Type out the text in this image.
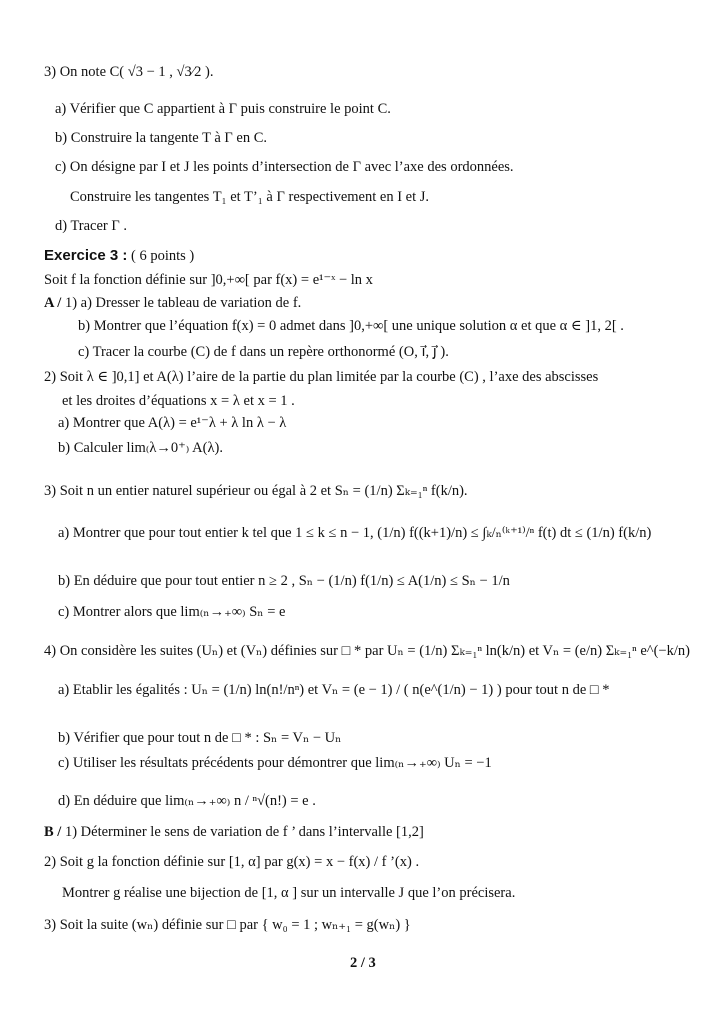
3) On note C( √3 − 1 , √3⁄2 ).
a) Vérifier que C appartient à Γ puis construire le point C.
b) Construire la tangente T à Γ en C.
c) On désigne par I et J les points d’intersection de Γ avec l’axe des ordonnées.
Construire les tangentes T₁ et T’₁ à Γ respectivement en I et J.
d) Tracer Γ .
Exercice 3 : ( 6 points )
Soit f la fonction définie sur ]0,+∞[ par f(x) = e¹⁻ˣ − ln x
A / 1) a) Dresser le tableau de variation de f.
b) Montrer que l’équation f(x) = 0 admet dans ]0,+∞[ une unique solution α et que α ∈ ]1, 2[ .
c) Tracer la courbe (C) de f dans un repère orthonormé (O, i⃗, j⃗ ).
2) Soit λ ∈ ]0,1] et A(λ) l’aire de la partie du plan limitée par la courbe (C) , l’axe des abscisses
et les droites d’équations x = λ et x = 1 .
a) Montrer que A(λ) = e¹⁻λ + λ ln λ − λ
b) Calculer lim₍λ→0⁺₎ A(λ).
3) Soit n un entier naturel supérieur ou égal à 2 et Sₙ = (1/n) Σₖ₌₁ⁿ f(k/n).
a) Montrer que pour tout entier k tel que 1 ≤ k ≤ n − 1, (1/n) f((k+1)/n) ≤ ∫ₖ/ₙ⁽ᵏ⁺¹⁾/ⁿ f(t) dt ≤ (1/n) f(k/n)
b) En déduire que pour tout entier n ≥ 2 , Sₙ − (1/n) f(1/n) ≤ A(1/n) ≤ Sₙ − 1/n
c) Montrer alors que lim₍ₙ→₊∞₎ Sₙ = e
4) On considère les suites (Uₙ) et (Vₙ) définies sur □ * par Uₙ = (1/n) Σₖ₌₁ⁿ ln(k/n) et Vₙ = (e/n) Σₖ₌₁ⁿ e^(−k/n)
a) Etablir les égalités : Uₙ = (1/n) ln(n!/nⁿ) et Vₙ = (e − 1) / ( n(e^(1/n) − 1) ) pour tout n de □ *
b) Vérifier que pour tout n de □ * : Sₙ = Vₙ − Uₙ
c) Utiliser les résultats précédents pour démontrer que lim₍ₙ→₊∞₎ Uₙ = −1
d) En déduire que lim₍ₙ→₊∞₎ n / ⁿ√(n!) = e .
B / 1) Déterminer le sens de variation de f ’ dans l’intervalle [1,2]
2) Soit g la fonction définie sur [1, α] par g(x) = x − f(x) / f ’(x) .
Montrer g réalise une bijection de [1, α ] sur un intervalle J que l’on précisera.
3) Soit la suite (wₙ) définie sur □ par { w₀ = 1 ; wₙ₊₁ = g(wₙ) }
2 / 3
